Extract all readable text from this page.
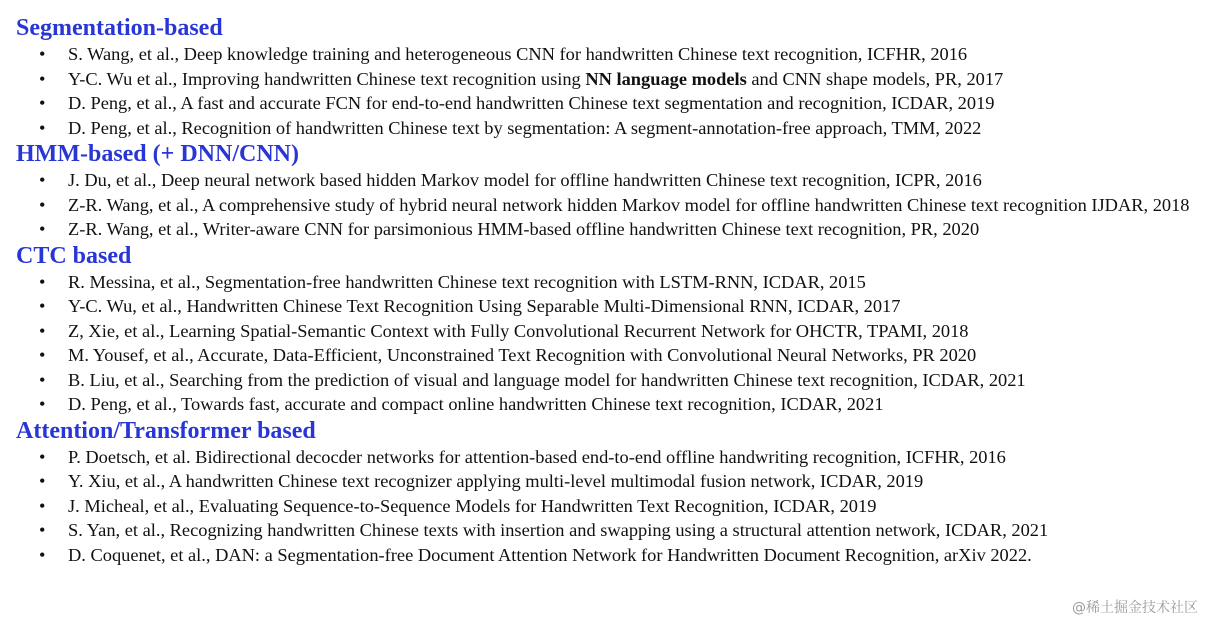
Segmentation-based
• S. Wang, et al., Deep knowledge training and heterogeneous CNN for handwritten Chinese text recognition, ICFHR, 2016
• Y-C. Wu et al., Improving handwritten Chinese text recognition using NN language models and CNN shape models, PR, 2017
• D. Peng, et al., A fast and accurate FCN for end-to-end handwritten Chinese text segmentation and recognition, ICDAR, 2019
• D. Peng, et al., Recognition of handwritten Chinese text by segmentation: A segment-annotation-free approach, TMM, 2022
HMM-based (+ DNN/CNN)
• J. Du, et al., Deep neural network based hidden Markov model for offline handwritten Chinese text recognition, ICPR, 2016
• Z-R. Wang, et al., A comprehensive study of hybrid neural network hidden Markov model for offline handwritten Chinese text recognition IJDAR, 2018
• Z-R. Wang, et al., Writer-aware CNN for parsimonious HMM-based offline handwritten Chinese text recognition, PR, 2020
CTC based
• R. Messina, et al., Segmentation-free handwritten Chinese text recognition with LSTM-RNN, ICDAR, 2015
• Y-C. Wu, et al., Handwritten Chinese Text Recognition Using Separable Multi-Dimensional RNN, ICDAR, 2017
• Z, Xie, et al., Learning Spatial-Semantic Context with Fully Convolutional Recurrent Network for OHCTR, TPAMI, 2018
• M. Yousef, et al., Accurate, Data-Efficient, Unconstrained Text Recognition with Convolutional Neural Networks, PR 2020
• B. Liu, et al., Searching from the prediction of visual and language model for handwritten Chinese text recognition, ICDAR, 2021
• D. Peng, et al., Towards fast, accurate and compact online handwritten Chinese text recognition, ICDAR, 2021
Attention/Transformer based
• P. Doetsch, et al. Bidirectional decocder networks for attention-based end-to-end offline handwriting recognition, ICFHR, 2016
• Y. Xiu, et al., A handwritten Chinese text recognizer applying multi-level multimodal fusion network, ICDAR, 2019
• J. Micheal, et al., Evaluating Sequence-to-Sequence Models for Handwritten Text Recognition, ICDAR, 2019
• S. Yan, et al., Recognizing handwritten Chinese texts with insertion and swapping using a structural attention network, ICDAR, 2021
• D. Coquenet, et al., DAN: a Segmentation-free Document Attention Network for Handwritten Document Recognition, arXiv 2022.
@稀土掘金技术社区
